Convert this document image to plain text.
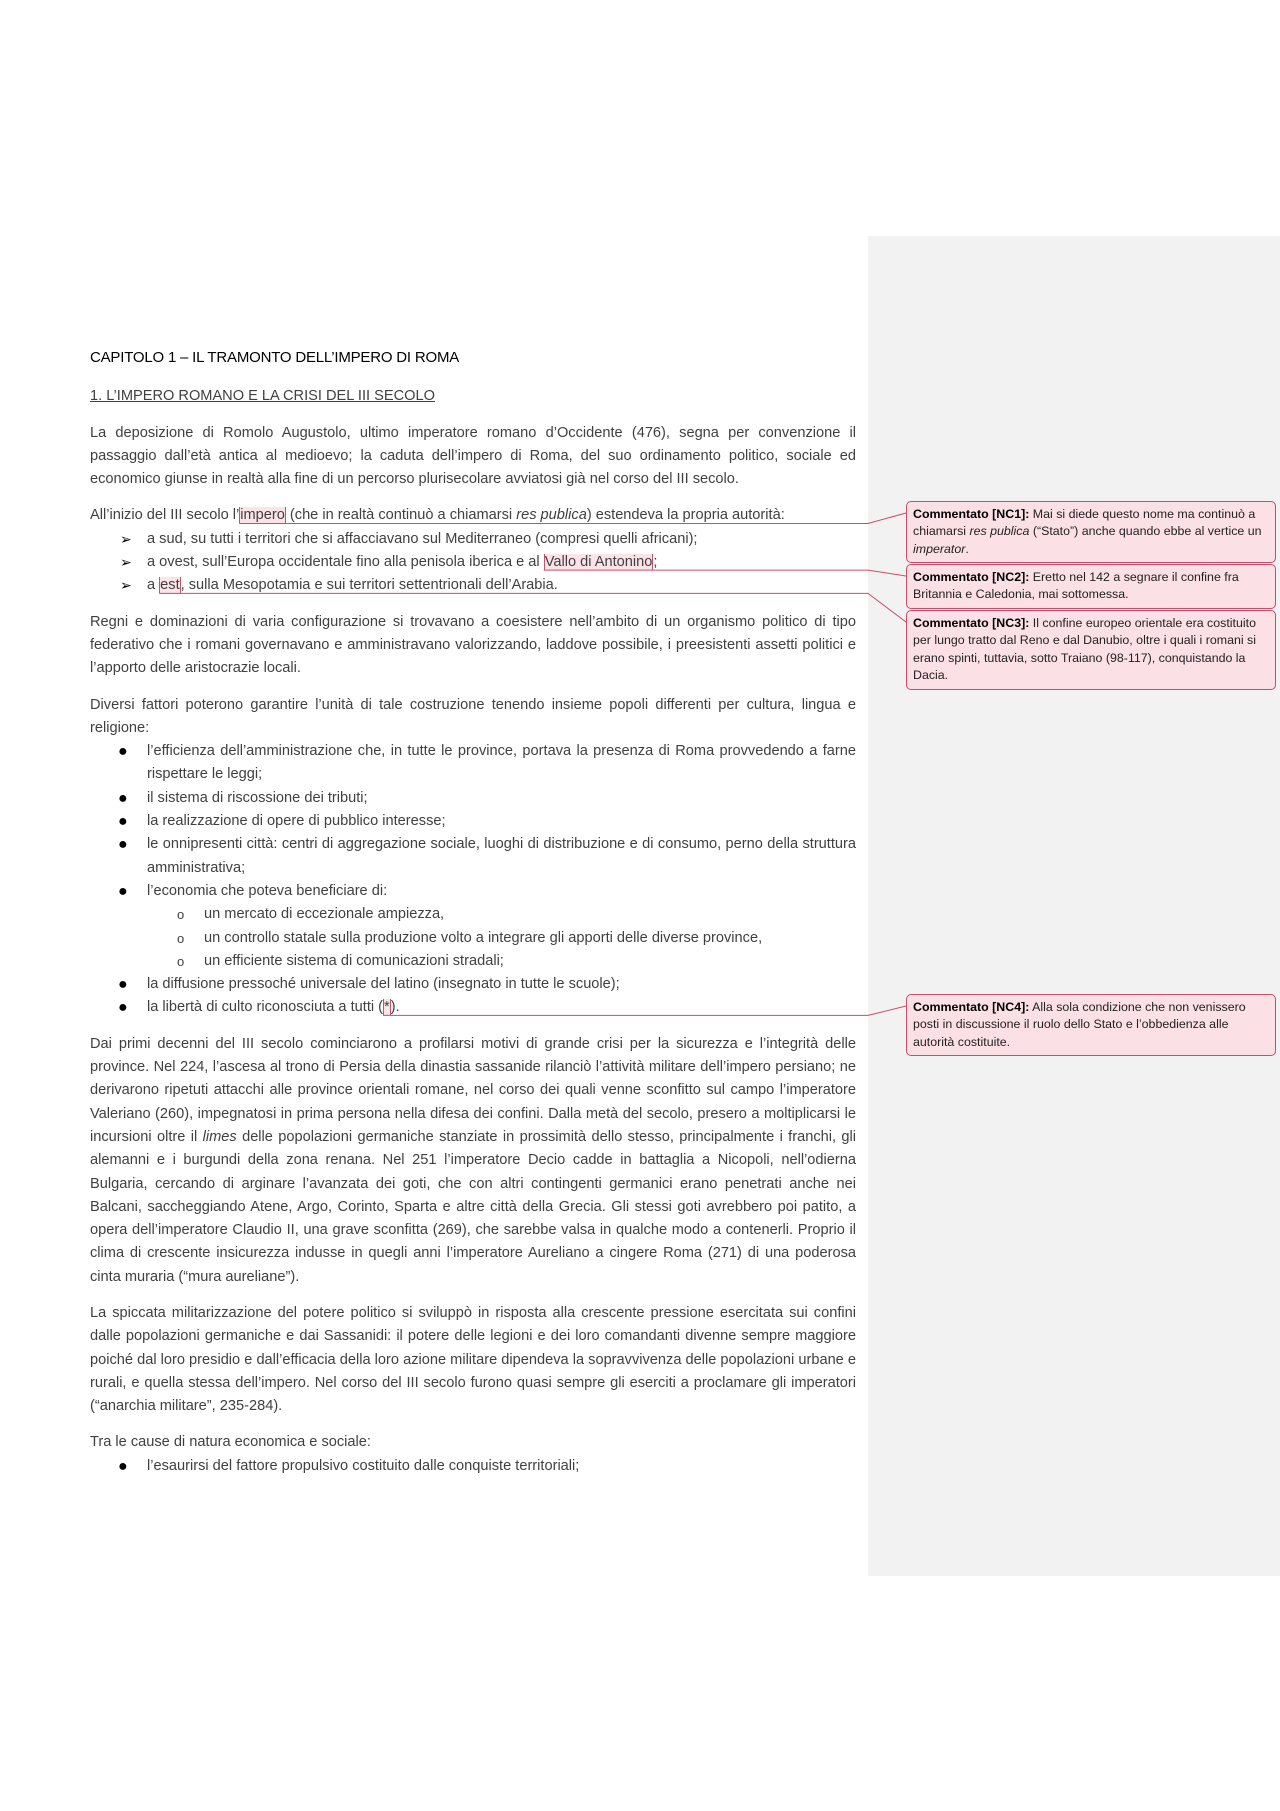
CAPITOLO 1 – IL TRAMONTO DELL’IMPERO DI ROMA
1. L’IMPERO ROMANO E LA CRISI DEL III SECOLO

La deposizione di Romolo Augustolo, ultimo imperatore romano d’Occidente (476), segna per convenzione il passaggio dall’età antica al medioevo; la caduta dell’impero di Roma, del suo ordinamento politico, sociale ed economico giunse in realtà alla fine di un percorso plurisecolare avviatosi già nel corso del III secolo.

All’inizio del III secolo l’impero (che in realtà continuò a chiamarsi res publica) estendeva la propria autorità:
➢ a sud, su tutti i territori che si affacciavano sul Mediterraneo (compresi quelli africani);
➢ a ovest, sull’Europa occidentale fino alla penisola iberica e al Vallo di Antonino;
➢ a est, sulla Mesopotamia e sui territori settentrionali dell’Arabia.

Regni e dominazioni di varia configurazione si trovavano a coesistere nell’ambito di un organismo politico di tipo federativo che i romani governavano e amministravano valorizzando, laddove possibile, i preesistenti assetti politici e l’apporto delle aristocrazie locali.

Diversi fattori poterono garantire l’unità di tale costruzione tenendo insieme popoli differenti per cultura, lingua e religione:
● l’efficienza dell’amministrazione che, in tutte le province, portava la presenza di Roma provvedendo a farne rispettare le leggi;
● il sistema di riscossione dei tributi;
● la realizzazione di opere di pubblico interesse;
● le onnipresenti città: centri di aggregazione sociale, luoghi di distribuzione e di consumo, perno della struttura amministrativa;
● l’economia che poteva beneficiare di:
o un mercato di eccezionale ampiezza,
o un controllo statale sulla produzione volto a integrare gli apporti delle diverse province,
o un efficiente sistema di comunicazioni stradali;
● la diffusione pressoché universale del latino (insegnato in tutte le scuole);
● la libertà di culto riconosciuta a tutti (*).

Dai primi decenni del III secolo cominciarono a profilarsi motivi di grande crisi per la sicurezza e l’integrità delle province. Nel 224, l’ascesa al trono di Persia della dinastia sassanide rilanciò l’attività militare dell’impero persiano; ne derivarono ripetuti attacchi alle province orientali romane, nel corso dei quali venne sconfitto sul campo l’imperatore Valeriano (260), impegnatosi in prima persona nella difesa dei confini. Dalla metà del secolo, presero a moltiplicarsi le incursioni oltre il limes delle popolazioni germaniche stanziate in prossimità dello stesso, principalmente i franchi, gli alemanni e i burgundi della zona renana. Nel 251 l’imperatore Decio cadde in battaglia a Nicopoli, nell’odierna Bulgaria, cercando di arginare l’avanzata dei goti, che con altri contingenti germanici erano penetrati anche nei Balcani, saccheggiando Atene, Argo, Corinto, Sparta e altre città della Grecia. Gli stessi goti avrebbero poi patito, a opera dell’imperatore Claudio II, una grave sconfitta (269), che sarebbe valsa in qualche modo a contenerli. Proprio il clima di crescente insicurezza indusse in quegli anni l’imperatore Aureliano a cingere Roma (271) di una poderosa cinta muraria (“mura aureliane”).

La spiccata militarizzazione del potere politico si sviluppò in risposta alla crescente pressione esercitata sui confini dalle popolazioni germaniche e dai Sassanidi: il potere delle legioni e dei loro comandanti divenne sempre maggiore poiché dal loro presidio e dall’efficacia della loro azione militare dipendeva la sopravvivenza delle popolazioni urbane e rurali, e quella stessa dell’impero. Nel corso del III secolo furono quasi sempre gli eserciti a proclamare gli imperatori (“anarchia militare”, 235-284).

Tra le cause di natura economica e sociale:
● l’esaurirsi del fattore propulsivo costituito dalle conquiste territoriali;
Commentato [NC1]: Mai si diede questo nome ma continuò a chiamarsi res publica (“Stato”) anche quando ebbe al vertice un imperator.
Commentato [NC2]: Eretto nel 142 a segnare il confine fra Britannia e Caledonia, mai sottomessa.
Commentato [NC3]: Il confine europeo orientale era costituito per lungo tratto dal Reno e dal Danubio, oltre i quali i romani si erano spinti, tuttavia, sotto Traiano (98-117), conquistando la Dacia.
Commentato [NC4]: Alla sola condizione che non venissero posti in discussione il ruolo dello Stato e l’obbedienza alle autorità costituite.
